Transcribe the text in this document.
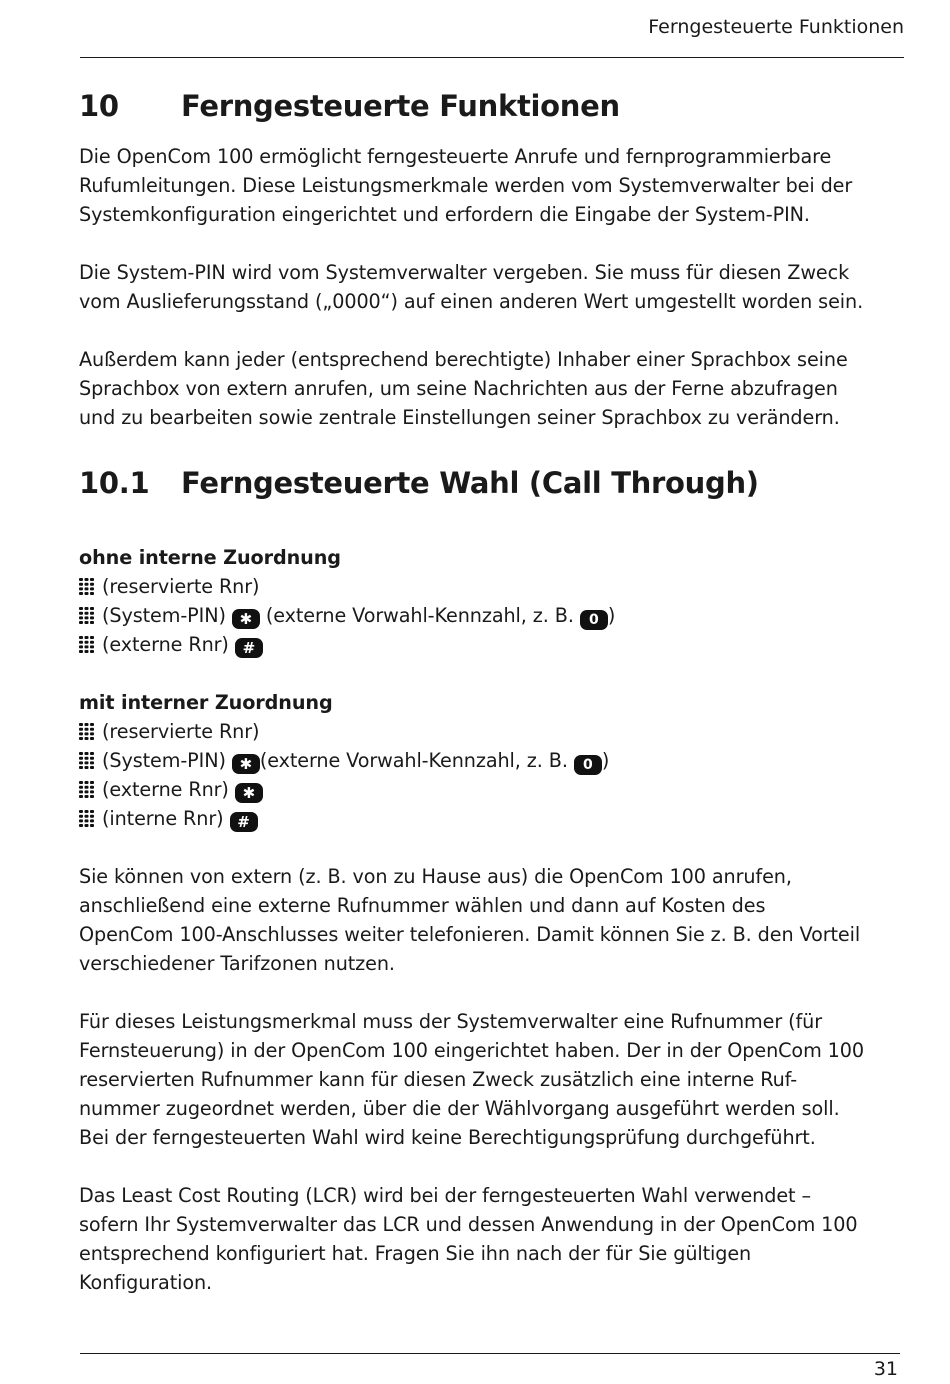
Ferngesteuerte Funktionen
10 Ferngesteuerte Funktionen

Die OpenCom 100 ermöglicht ferngesteuerte Anrufe und fernprogrammierbare

Rufumleitungen. Diese Leistungsmerkmale werden vom Systemverwalter bei der

Systemkonfiguration eingerichtet und erfordern die Eingabe der System-PIN.

Die System-PIN wird vom Systemverwalter vergeben. Sie muss für diesen Zweck

vom Auslieferungsstand („0000“) auf einen anderen Wert umgestellt worden sein.

Außerdem kann jeder (entsprechend berechtigte) Inhaber einer Sprachbox seine

Sprachbox von extern anrufen, um seine Nachrichten aus der Ferne abzufragen

und zu bearbeiten sowie zentrale Einstellungen seiner Sprachbox zu verändern.

10.1 Ferngesteuerte Wahl (Call Through)

ohne interne Zuordnung

(reservierte Rnr)

(System-PIN) ✱ (externe Vorwahl-Kennzahl, z. B. 0 )

(externe Rnr) #

mit interner Zuordnung

(reservierte Rnr)

(System-PIN) ✱ (externe Vorwahl-Kennzahl, z. B. 0 )

(externe Rnr) ✱

(interne Rnr) #

Sie können von extern (z. B. von zu Hause aus) die OpenCom 100 anrufen,

anschließend eine externe Rufnummer wählen und dann auf Kosten des

OpenCom 100-Anschlusses weiter telefonieren. Damit können Sie z. B. den Vorteil

verschiedener Tarifzonen nutzen.

Für dieses Leistungsmerkmal muss der Systemverwalter eine Rufnummer (für

Fernsteuerung) in der OpenCom 100 eingerichtet haben. Der in der OpenCom 100

reservierten Rufnummer kann für diesen Zweck zusätzlich eine interne Ruf-

nummer zugeordnet werden, über die der Wählvorgang ausgeführt werden soll.

Bei der ferngesteuerten Wahl wird keine Berechtigungsprüfung durchgeführt.

Das Least Cost Routing (LCR) wird bei der ferngesteuerten Wahl verwendet –

sofern Ihr Systemverwalter das LCR und dessen Anwendung in der OpenCom 100

entsprechend konfiguriert hat. Fragen Sie ihn nach der für Sie gültigen

Konfiguration.

31
